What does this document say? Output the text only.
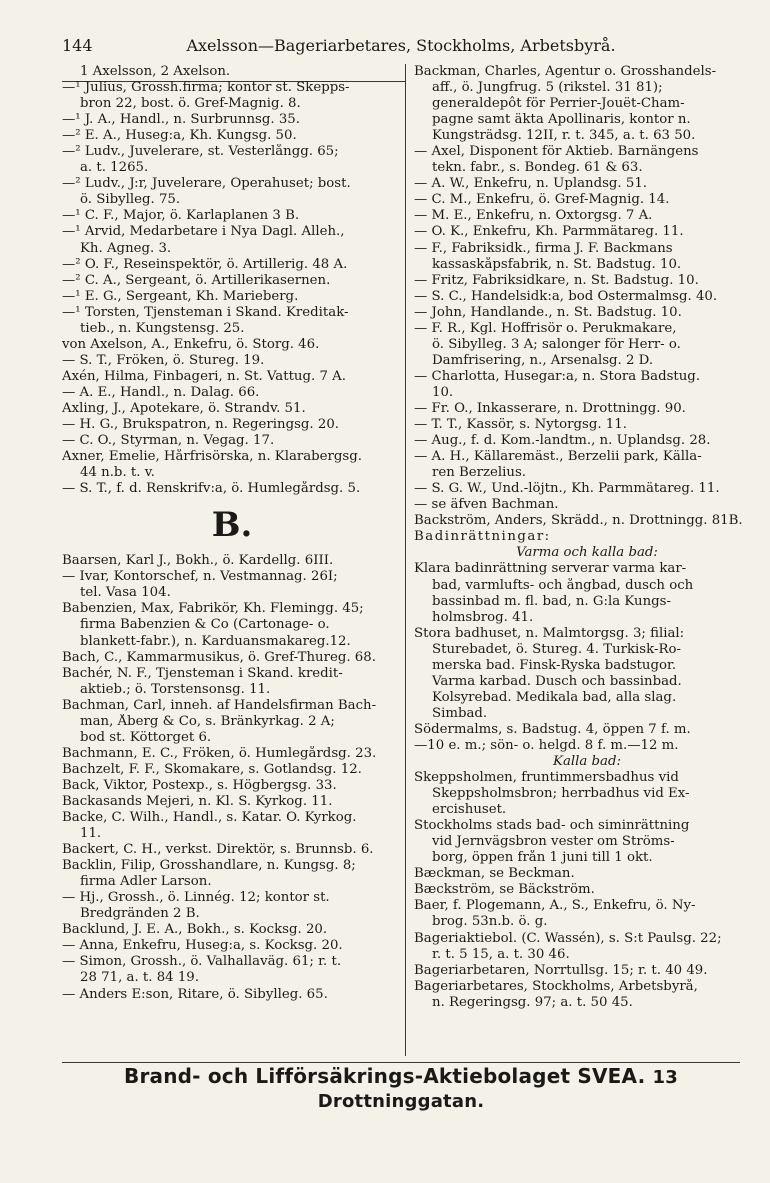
144	Axelsson—Bageriarbetares, Stockholms, Arbetsbyrå.
1 Axelsson, 2 Axelson.
—¹ Julius, Grossh.firma; kontor st. Skepps-
bron 22, bost. ö. Gref-Magnig. 8.
—¹ J. A., Handl., n. Surbrunnsg. 35.
—² E. A., Huseg:a, Kh. Kungsg. 50.
—² Ludv., Juvelerare, st. Vesterlångg. 65;
a. t. 1265.
—² Ludv., J:r, Juvelerare, Operahuset; bost.
ö. Sibylleg. 75.
—¹ C. F., Major, ö. Karlaplanen 3 B.
—¹ Arvid, Medarbetare i Nya Dagl. Alleh.,
Kh. Agneg. 3.
—² O. F., Reseinspektör, ö. Artillerig. 48 A.
—² C. A., Sergeant, ö. Artillerikasernen.
—¹ E. G., Sergeant, Kh. Marieberg.
—¹ Torsten, Tjensteman i Skand. Kreditak-
tieb., n. Kungstensg. 25.
von Axelson, A., Enkefru, ö. Storg. 46.
— S. T., Fröken, ö. Stureg. 19.
Axén, Hilma, Finbageri, n. St. Vattug. 7 A.
— A. E., Handl., n. Dalag. 66.
Axling, J., Apotekare, ö. Strandv. 51.
— H. G., Brukspatron, n. Regeringsg. 20.
— C. O., Styrman, n. Vegag. 17.
Axner, Emelie, Hårfrisörska, n. Klarabergsg.
44 n.b. t. v.
— S. T., f. d. Renskrifv:a, ö. Humlegårdsg. 5.
B.
Baarsen, Karl J., Bokh., ö. Kardellg. 6III.
— Ivar, Kontorschef, n. Vestmannag. 26I;
tel. Vasa 104.
Babenzien, Max, Fabrikör, Kh. Flemingg. 45;
firma Babenzien & Co (Cartonage- o.
blankett-fabr.), n. Karduansmakareg.12.
Bach, C., Kammarmusikus, ö. Gref-Thureg. 68.
Bachér, N. F., Tjensteman i Skand. kredit-
aktieb.; ö. Torstensonsg. 11.
Bachman, Carl, inneh. af Handelsfirman Bach-
man, Åberg & Co, s. Bränkyrkag. 2 A;
bod st. Köttorget 6.
Bachmann, E. C., Fröken, ö. Humlegårdsg. 23.
Bachzelt, F. F., Skomakare, s. Gotlandsg. 12.
Back, Viktor, Postexp., s. Högbergsg. 33.
Backasands Mejeri, n. Kl. S. Kyrkog. 11.
Backe, C. Wilh., Handl., s. Katar. Ö. Kyrkog.
11.
Backert, C. H., verkst. Direktör, s. Brunnsb. 6.
Backlin, Filip, Grosshandlare, n. Kungsg. 8;
firma Adler Larson.
— Hj., Grossh., ö. Linnég. 12; kontor st.
Bredgränden 2 B.
Backlund, J. E. A., Bokh., s. Kocksg. 20.
— Anna, Enkefru, Huseg:a, s. Kocksg. 20.
— Simon, Grossh., ö. Valhallaväg. 61; r. t.
28 71, a. t. 84 19.
— Anders E:son, Ritare, ö. Sibylleg. 65.
Backman, Charles, Agentur o. Grosshandels-
aff., ö. Jungfrug. 5 (rikstel. 31 81);
generaldepôt för Perrier-Jouët-Cham-
pagne samt äkta Apollinaris, kontor n.
Kungsträdsg. 12II, r. t. 345, a. t. 63 50.
— Axel, Disponent för Aktieb. Barnängens
tekn. fabr., s. Bondeg. 61 & 63.
— A. W., Enkefru, n. Uplandsg. 51.
— C. M., Enkefru, ö. Gref-Magnig. 14.
— M. E., Enkefru, n. Oxtorgsg. 7 A.
— O. K., Enkefru, Kh. Parmmätareg. 11.
— F., Fabriksidk., firma J. F. Backmans
kassaskåpsfabrik, n. St. Badstug. 10.
— Fritz, Fabriksidkare, n. St. Badstug. 10.
— S. C., Handelsidk:a, bod Östermalmsg. 40.
— John, Handlande., n. St. Badstug. 10.
— F. R., Kgl. Hoffrisör o. Perukmakare,
ö. Sibylleg. 3 A; salonger för Herr- o.
Damfrisering, n., Arsenalsg. 2 D.
— Charlotta, Husegar:a, n. Stora Badstug.
10.
— Fr. O., Inkasserare, n. Drottningg. 90.
— T. T., Kassör, s. Nytorgsg. 11.
— Aug., f. d. Kom.-landtm., n. Uplandsg. 28.
— A. H., Källaremäst., Berzelii park, Källa-
ren Berzelius.
— S. G. W., Und.-löjtn., Kh. Parmmätareg. 11.
— se äfven Bachman.
Backström, Anders, Skrädd., n. Drottningg. 81B.
Badinrättningar:
Varma och kalla bad:
Klara badinrättning serverar varma kar-
bad, varmlufts- och ångbad, dusch och
bassinbad m. fl. bad, n. G:la Kungs-
holmsbrog. 41.
Stora badhuset, n. Malmtorgsg. 3; filial:
Sturebadet, ö. Stureg. 4. Turkisk-Ro-
merska bad. Finsk-Ryska badstugor.
Varma karbad. Dusch och bassinbad.
Kolsyrebad. Medikala bad, alla slag.
Simbad.
Södermalms, s. Badstug. 4, öppen 7 f. m.
—10 e. m.; sön- o. helgd. 8 f. m.—12 m.
Kalla bad:
Skeppsholmen, fruntimmersbadhus vid
Skeppsholmsbron; herrbadhus vid Ex-
ercishuset.
Stockholms stads bad- och siminrättning
vid Jernvägsbron vester om Ströms-
borg, öppen från 1 juni till 1 okt.
Bæckman, se Beckman.
Bæckström, se Bäckström.
Baer, f. Plogemann, A., S., Enkefru, ö. Ny-
brog. 53n.b. ö. g.
Bageriaktiebol. (C. Wassén), s. S:t Paulsg. 22;
r. t. 5 15, a. t. 30 46.
Bageriarbetaren, Norrtullsg. 15; r. t. 40 49.
Bageriarbetares, Stockholms, Arbetsbyrå,
n. Regeringsg. 97; a. t. 50 45.
Brand- och Lifförsäkrings-Aktiebolaget SVEA. 13 Drottninggatan.
